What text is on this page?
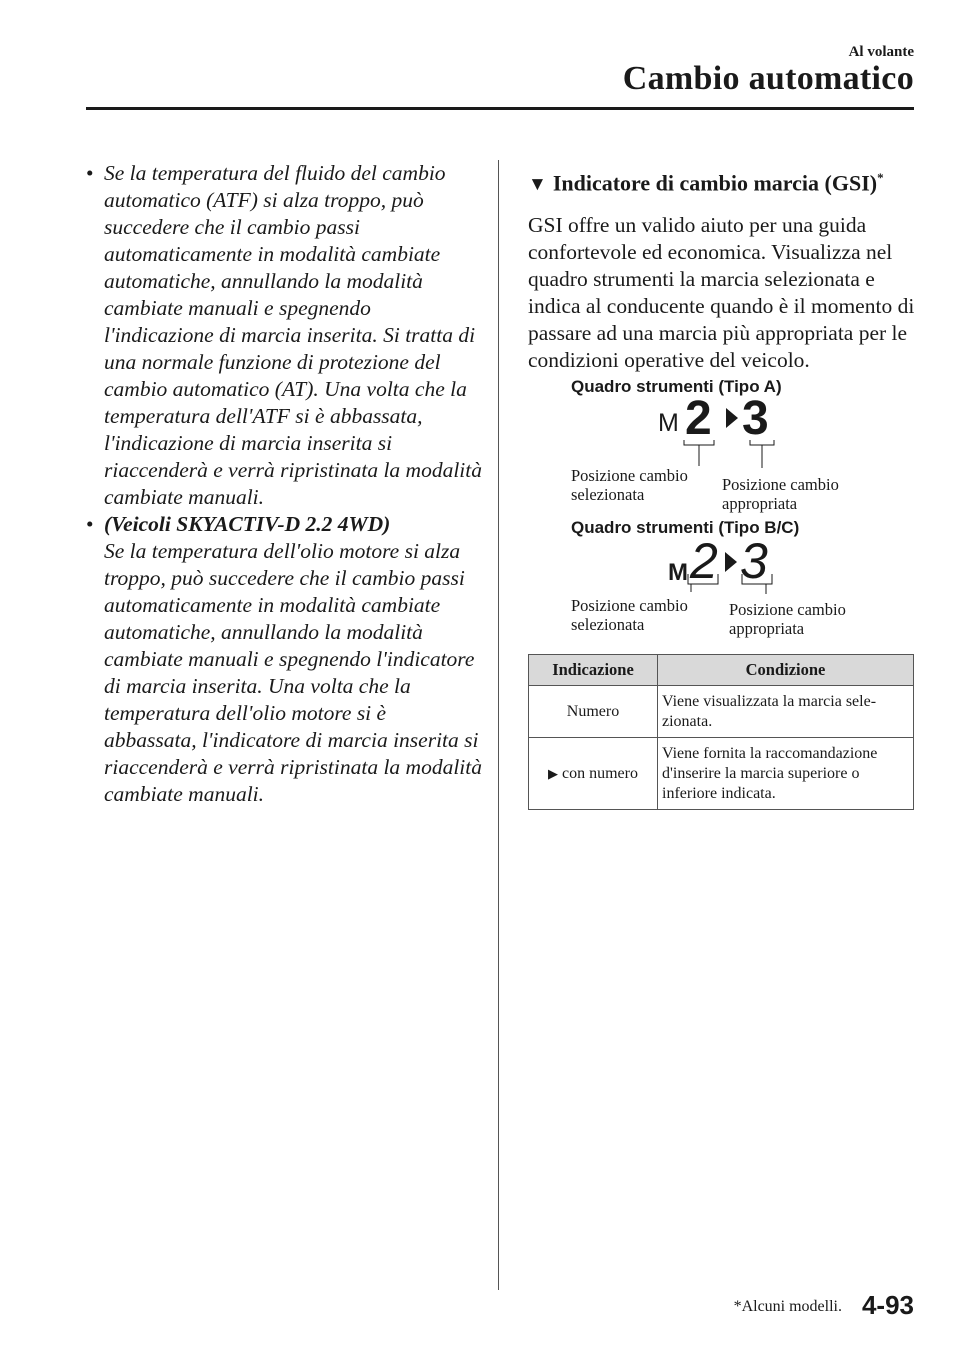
Al volante
Cambio automatico
• Se la temperatura del fluido del cambio automatico (ATF) si alza troppo, può succedere che il cambio passi automaticamente in modalità cambiate automatiche, annullando la modalità cambiate manuali e spegnendo l'indicazione di marcia inserita. Si tratta di una normale funzione di protezione del cambio automatico (AT). Una volta che la temperatura dell'ATF si è abbassata, l'indicazione di marcia inserita si riaccenderà e verrà ripristinata la modalità cambiate manuali.
• (Veicoli SKYACTIV-D 2.2 4WD)
Se la temperatura dell'olio motore si alza troppo, può succedere che il cambio passi automaticamente in modalità cambiate automatiche, annullando la modalità cambiate manuali e spegnendo l'indicatore di marcia inserita. Una volta che la temperatura dell'olio motore si è abbassata, l'indicatore di marcia inserita si riaccenderà e verrà ripristinata la modalità cambiate manuali.
▼ Indicatore di cambio marcia (GSI)*
GSI offre un valido aiuto per una guida confortevole ed economica. Visualizza nel quadro strumenti la marcia selezionata e indica al conducente quando è il momento di passare ad una marcia più appropriata per le condizioni operative del veicolo.
Quadro strumenti (Tipo A)
M 2 3
Posizione cambio
selezionata
Posizione cambio
appropriata
Quadro strumenti (Tipo B/C)
M 2 3
Posizione cambio
selezionata
Posizione cambio
appropriata
Indicazione	Condizione
Numero	Viene visualizzata la marcia sele-zionata.
▶ con numero	Viene fornita la raccomandazione d'inserire la marcia superiore o inferiore indicata.
*Alcuni modelli. 4-93
